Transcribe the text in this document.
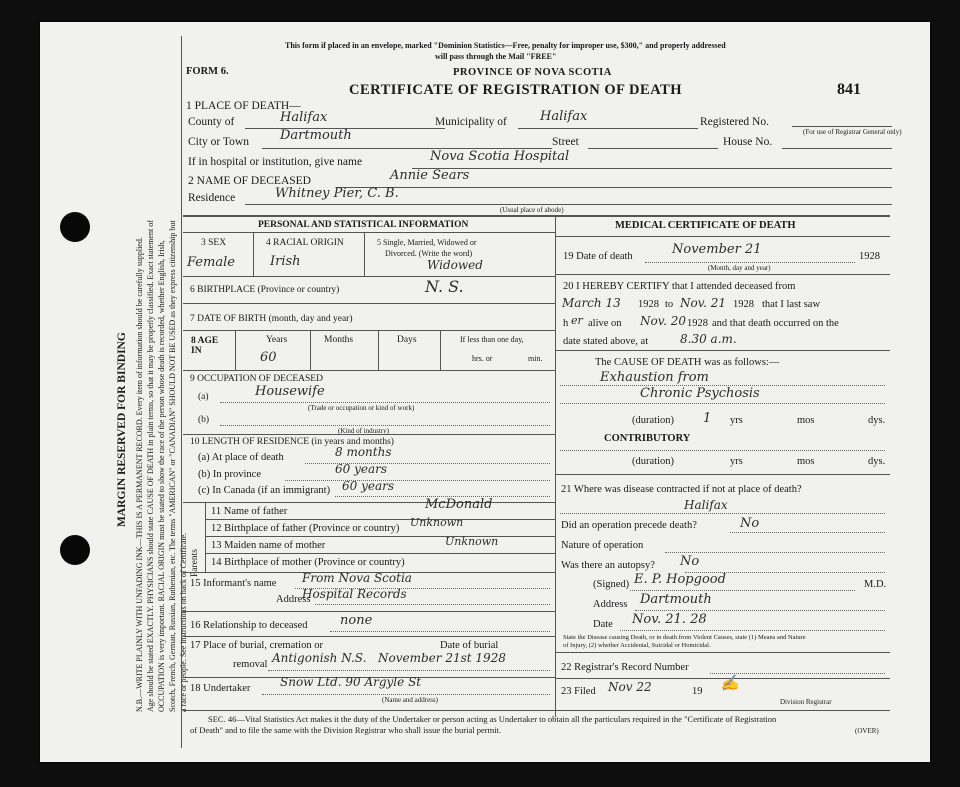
N.B.—WRITE PLAINLY WITH UNFADING INK—THIS IS A PERMANENT RECORD. Every item of information should be carefully supplied. Age should be stated EXACTLY. PHYSICIANS should state CAUSE OF DEATH in plain terms, so that it may be properly classified. Exact statement of OCCUPATION is very important. RACIAL ORIGIN must be stated to show the race of the person whose death is recorded, whether English, Irish, Scotch, French, German, Russian, Ruthenian, etc. The terms "AMERICAN" or "CANADIAN" SHOULD NOT BE USED as they express citizenship but a race or people. See instructions on back of Certificate.
MARGIN RESERVED FOR BINDING
This form if placed in an envelope, marked "Dominion Statistics—Free, penalty for improper use, $300," and properly addressed
will pass through the Mail "FREE"
FORM 6.	PROVINCE OF NOVA SCOTIA
CERTIFICATE OF REGISTRATION OF DEATH	841
1 PLACE OF DEATH—
County of	Halifax	Municipality of	Halifax	Registered No.
(For use of Registrar General only)
City or Town Dartmouth	Street	House No.
If in hospital or institution, give name	Nova Scotia Hospital
2 NAME OF DECEASED	Annie Sears
Residence	Whitney Pier, C. B.
(Usual place of abode)
PERSONAL AND STATISTICAL INFORMATION
3 SEX
Female
4 RACIAL ORIGIN
Irish
5 Single, Married, Widowed or
Divorced. (Write the word)
Widowed
6 BIRTHPLACE (Province or country)	N. S.
7 DATE OF BIRTH (month, day and year)
8 AGE IN
Years
60
Months	Days	If less than one day,
hrs. or	min.
9 OCCUPATION OF DECEASED
(a)	Housewife
(Trade or occupation or kind of work)
(b)
(Kind of industry)
10 LENGTH OF RESIDENCE (in years and months)
(a) At place of death	8 months
(b) In province	60 years
(c) In Canada (if an immigrant) 60 years
Parents
11 Name of father	McDonald
12 Birthplace of father (Province or country) Unknown
13 Maiden name of mother	Unknown
14 Birthplace of mother (Province or country)
15 Informant's name From Nova Scotia
Address
Hospital Records
16 Relationship to deceased none
17 Place of burial, cremation or
removal Antigonish N.S.
Date of burial
November 21st 1928
18 Undertaker Snow Ltd. 90 Argyle St
(Name and address)
MEDICAL CERTIFICATE OF DEATH
19 Date of death	November 21	1928
(Month, day and year)
20 I HEREBY CERTIFY that I attended deceased from
March 13 1928 to Nov. 21 1928 that I last saw
h er alive on Nov. 20 1928 and that death occurred on the
date stated above, at	8.30 a.m.
The CAUSE OF DEATH was as follows:—
Exhaustion from
Chronic Psychosis
(duration) 1 yrs	mos	dys.
CONTRIBUTORY
(duration)	yrs	mos	dys.
21 Where was disease contracted if not at place of death?
Halifax
Did an operation precede death?	No
Nature of operation
Was there an autopsy? No
(Signed) E. P. Hopgood	M.D.
Address Dartmouth
Date Nov. 21. 28
State the Disease causing Death, or in death from Violent Causes, state (1) Means and Nature
of Injury, (2) whether Accidental, Suicidal or Homicidal.
22 Registrar's Record Number
23 Filed Nov 22	19 ✍
Division Registrar
SEC. 46—Vital Statistics Act makes it the duty of the Undertaker or person acting as Undertaker to obtain all the particulars required in the "Certificate of Registration
of Death" and to file the same with the Division Registrar who shall issue the burial permit.	(OVER)
